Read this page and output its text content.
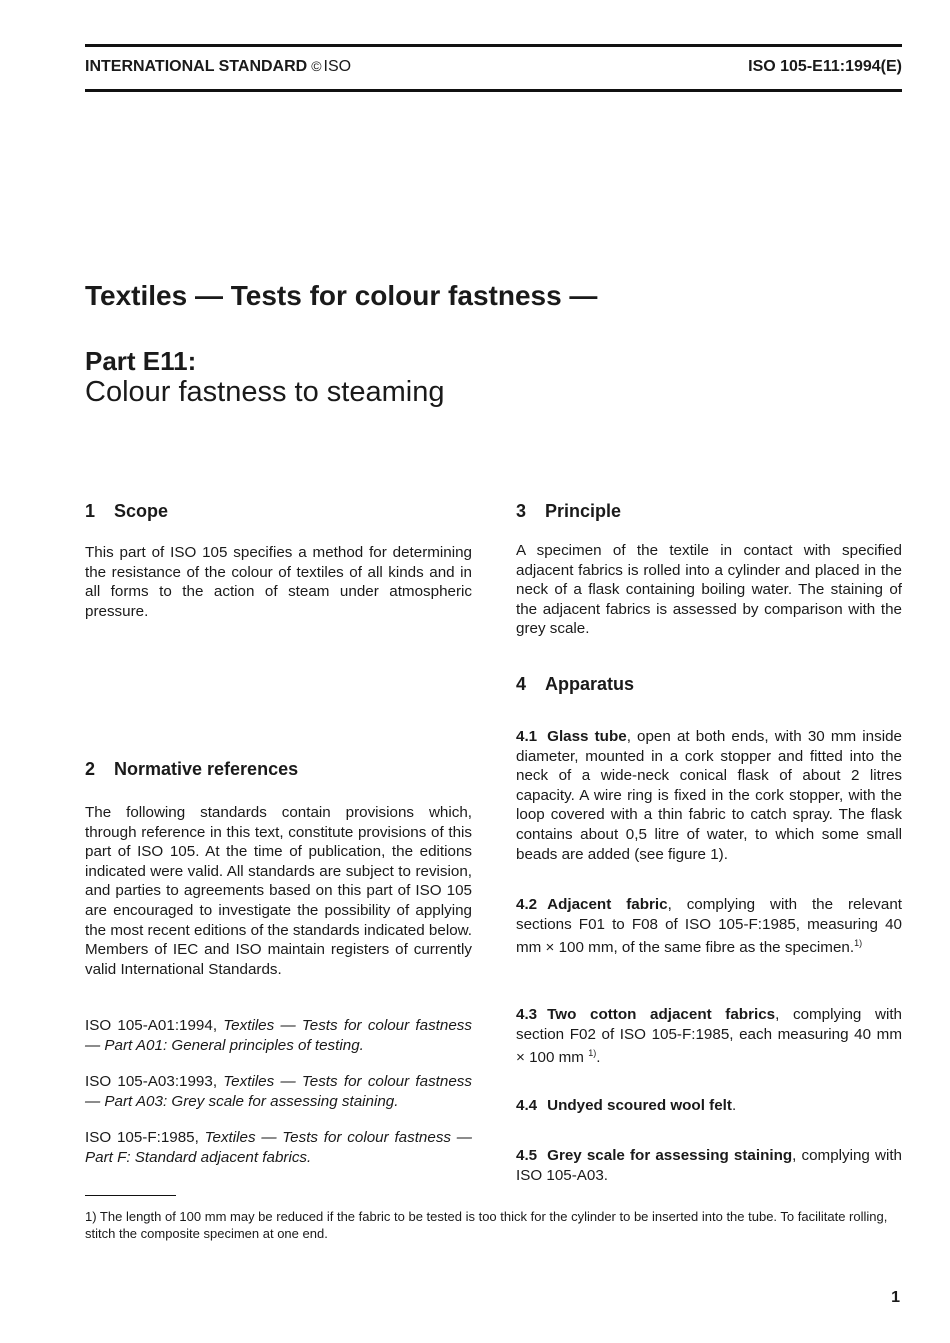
INTERNATIONAL STANDARD © ISO	ISO 105-E11:1994(E)
Textiles — Tests for colour fastness —
Part E11:
Colour fastness to steaming
1 Scope

This part of ISO 105 specifies a method for determining the resistance of the colour of textiles of all kinds and in all forms to the action of steam under atmospheric pressure.

2 Normative references

The following standards contain provisions which, through reference in this text, constitute provisions of this part of ISO 105. At the time of publication, the editions indicated were valid. All standards are subject to revision, and parties to agreements based on this part of ISO 105 are encouraged to investigate the possibility of applying the most recent editions of the standards indicated below. Members of IEC and ISO maintain registers of currently valid International Standards.

ISO 105-A01:1994, Textiles — Tests for colour fastness — Part A01: General principles of testing.

ISO 105-A03:1993, Textiles — Tests for colour fastness — Part A03: Grey scale for assessing staining.

ISO 105-F:1985, Textiles — Tests for colour fastness — Part F: Standard adjacent fabrics.

3 Principle

A specimen of the textile in contact with specified adjacent fabrics is rolled into a cylinder and placed in the neck of a flask containing boiling water. The staining of the adjacent fabrics is assessed by comparison with the grey scale.

4 Apparatus

4.1 Glass tube, open at both ends, with 30 mm inside diameter, mounted in a cork stopper and fitted into the neck of a wide-neck conical flask of about 2 litres capacity. A wire ring is fixed in the cork stopper, with the loop covered with a thin fabric to catch spray. The flask contains about 0,5 litre of water, to which some small beads are added (see figure 1).

4.2 Adjacent fabric, complying with the relevant sections F01 to F08 of ISO 105-F:1985, measuring 40 mm × 100 mm, of the same fibre as the specimen.$^{1)}$

4.3 Two cotton adjacent fabrics, complying with section F02 of ISO 105-F:1985, each measuring 40 mm × 100 mm $^{1)}$.

4.4 Undyed scoured wool felt.

4.5 Grey scale for assessing staining, complying with ISO 105-A03.

1) The length of 100 mm may be reduced if the fabric to be tested is too thick for the cylinder to be inserted into the tube. To facilitate rolling, stitch the composite specimen at one end.

1
